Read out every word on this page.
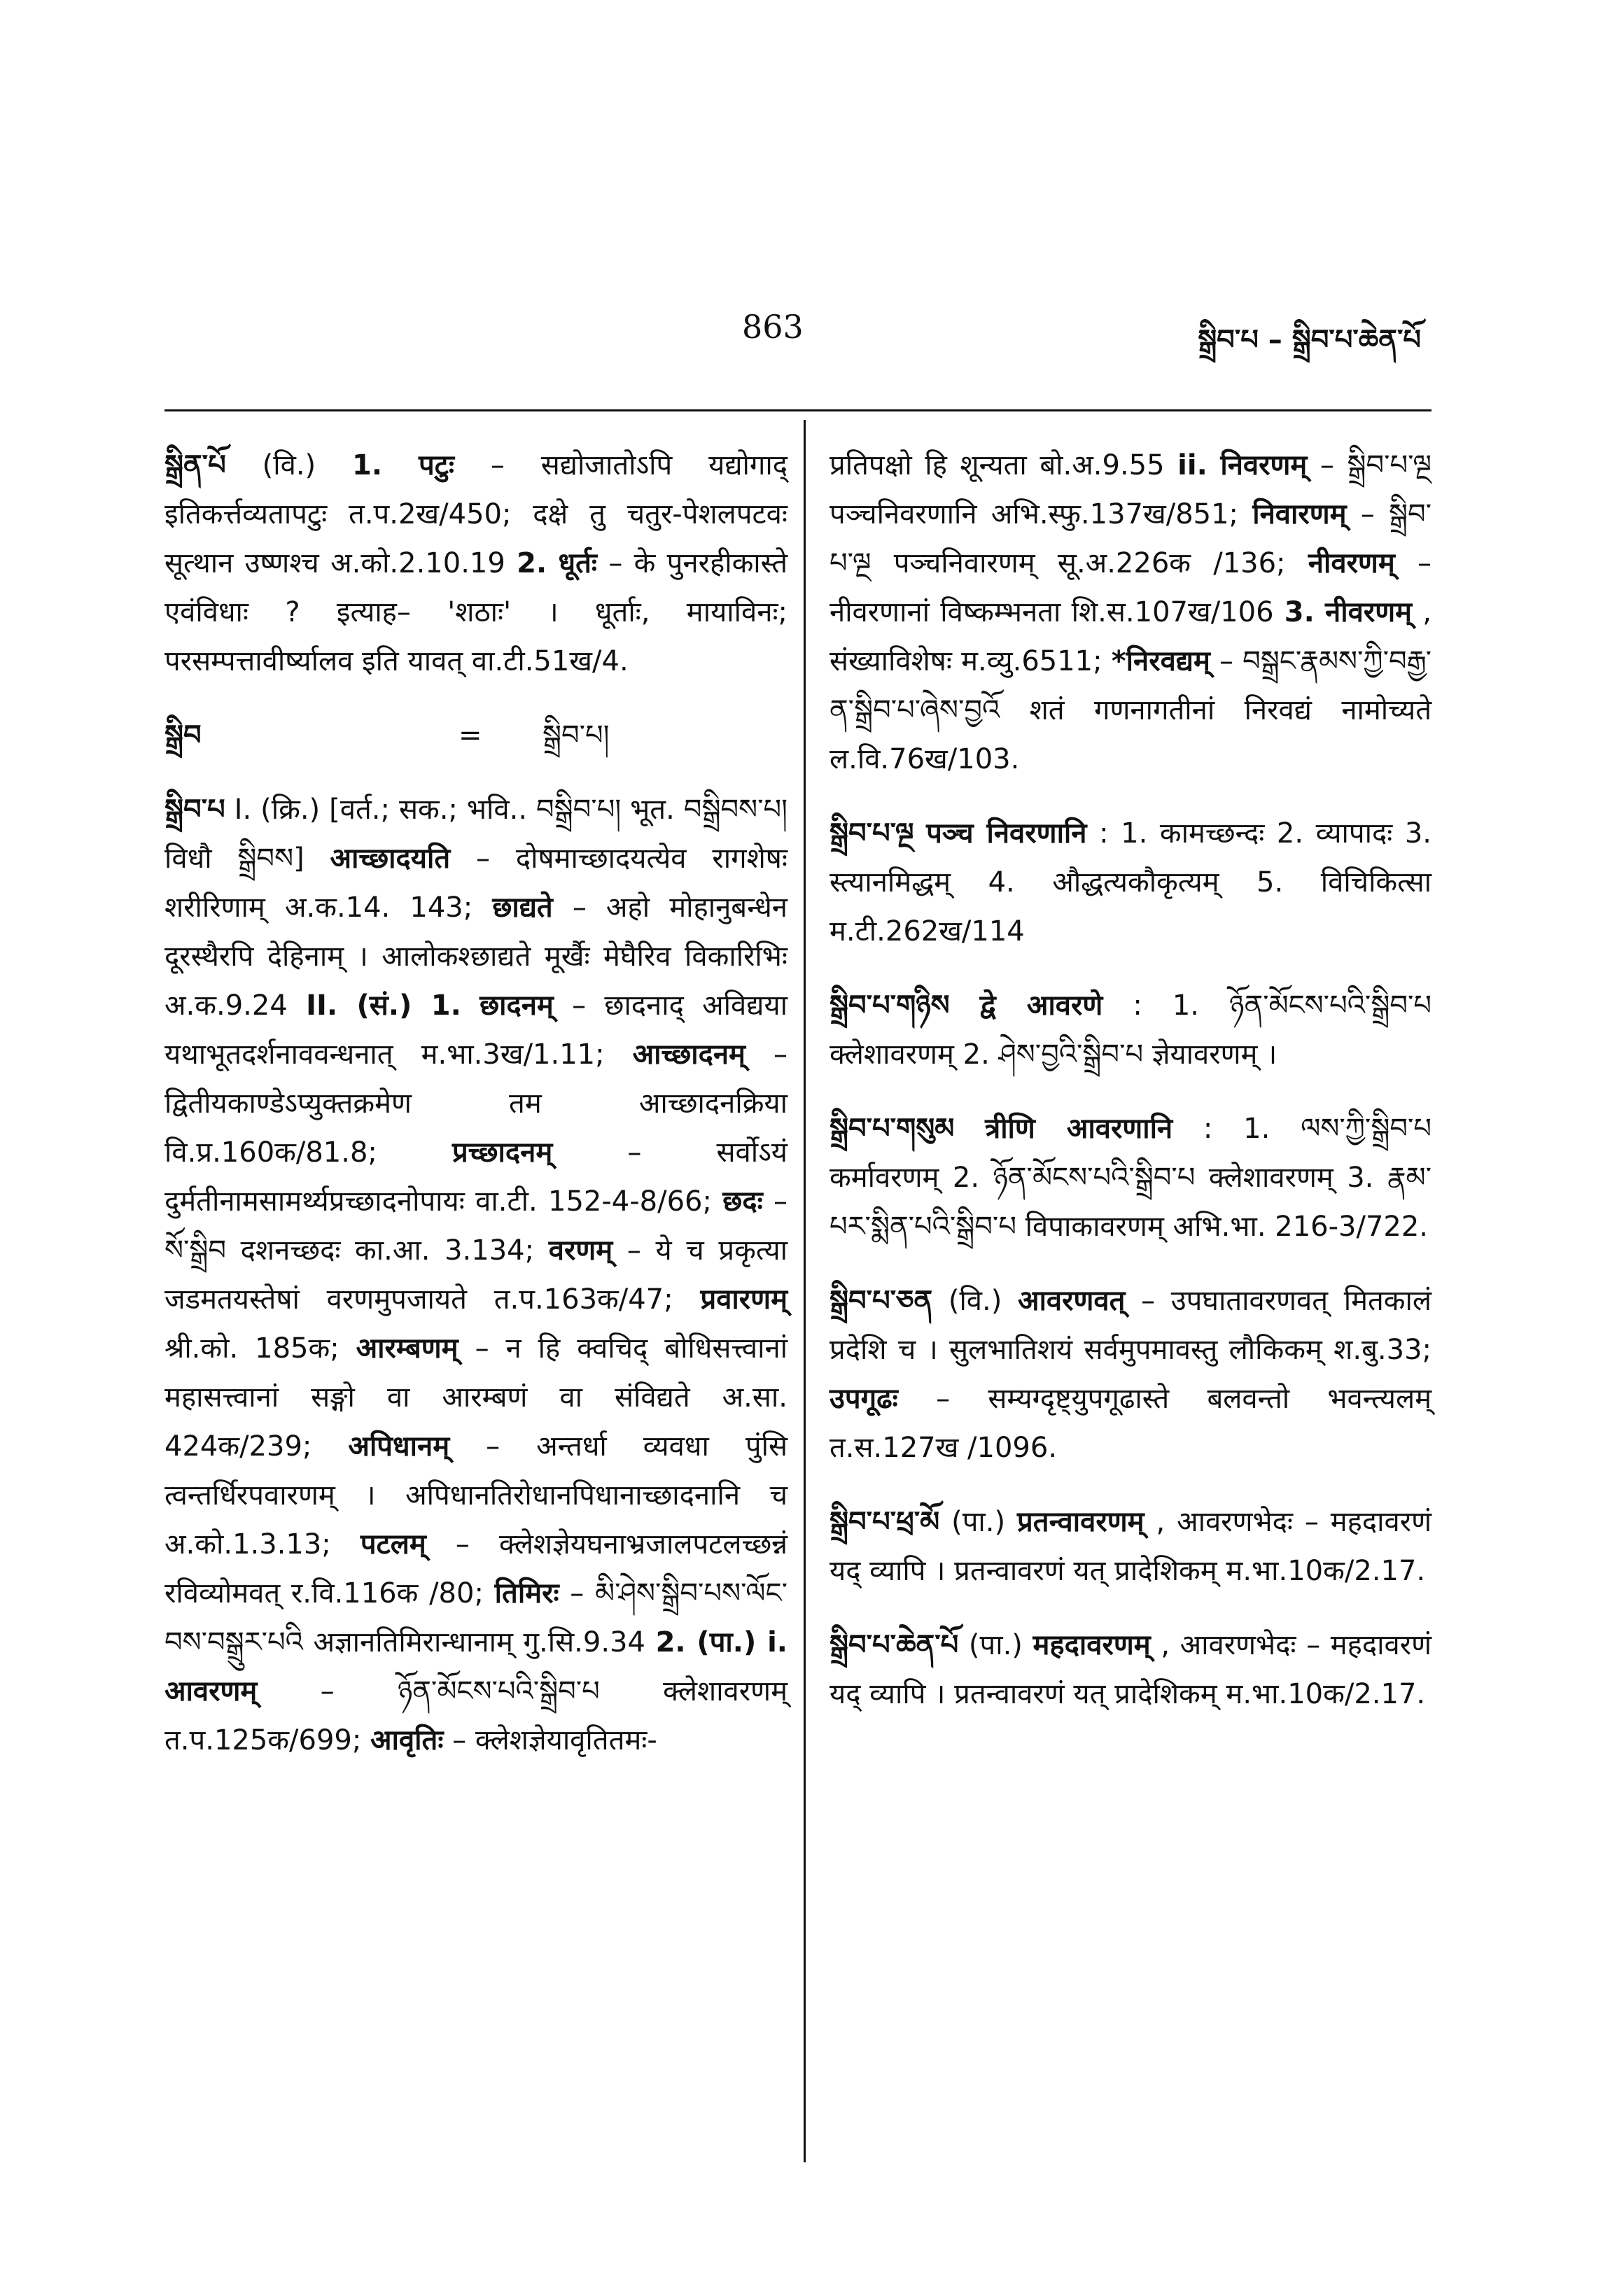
863	སྒྲིབ་པ – སྒྲིབ་པ་ཆེན་པོ

སྒྲིན་པོ (वि.) 1. पटुः – सद्योजातोऽपि यद्योगाद् इतिकर्त्तव्यतापटुः त.प.2ख/450; दक्षे तु चतुर-पेशलपटवः सूत्थान उष्णश्च अ.को.2.10.19 2. धूर्तः – के पुनरहीकास्ते एवंविधाः ? इत्याह– 'शठाः' । धूर्ताः, मायाविनः; परसम्पत्तावीर्ष्यालव इति यावत् वा.टी.51ख/4.

སྒྲིབ	=	སྒྲིབ་པ།

སྒྲིབ་པ I. (क्रि.) [वर्त.; सक.; भवि.. བསྒྲིབ་པ། भूत. བསྒྲིབས་པ། विधौ སྒྲིབས] आच्छादयति – दोषमाच्छादयत्येव रागशेषः शरीरिणाम् अ.क.14. 143; छाद्यते – अहो मोहानुबन्धेन दूरस्थैरपि देहिनाम् । आलोकश्छाद्यते मूर्खैः मेघैरिव विकारिभिः अ.क.9.24 II. (सं.) 1. छादनम् – छादनाद् अविद्यया यथाभूतदर्शनाववन्धनात् म.भा.3ख/1.11; आच्छादनम् – द्वितीयकाण्डेऽप्युक्तक्रमेण तम आच्छादनक्रिया वि.प्र.160क/81.8;	प्रच्छादनम्	– सर्वोऽयं दुर्मतीनामसामर्थ्यप्रच्छादनोपायः वा.टी. 152-4-8/66; छदः – སོ་སྒྲིབ दशनच्छदः का.आ. 3.134; वरणम् – ये च प्रकृत्या जडमतयस्तेषां वरणमुपजायते त.प.163क/47; प्रवारणम् श्री.को. 185क; आरम्बणम् – न हि क्वचिद् बोधिसत्त्वानां महासत्त्वानां सङ्गो वा आरम्बणं वा संविद्यते अ.सा. 424क/239; अपिधानम् – अन्तर्धा व्यवधा पुंसि त्वन्तर्धिरपवारणम् । अपिधानतिरोधानपिधानाच्छादनानि च अ.को.1.3.13; पटलम् – क्लेशज्ञेयघनाभ्रजालपटलच्छन्नं रविव्योमवत् र.वि.116क /80; तिमिरः – མི་ཤེས་སྒྲིབ་པས་ལོང་བས་བསྒྲུར་པའི अज्ञानतिमिरान्धानाम् गु.सि.9.34 2. (पा.) i. आवरणम् – ཉོན་མོངས་པའི་སྒྲིབ་པ क्लेशावरणम् त.प.125क/699; आवृतिः – क्लेशज्ञेयावृतितमः-

प्रतिपक्षो हि शून्यता बो.अ.9.55 ii. निवरणम् – སྒྲིབ་པ་ལྔ पञ्चनिवरणानि अभि.स्फु.137ख/851; निवारणम् – སྒྲིབ་པ་ལྔ पञ्चनिवारणम् सू.अ.226क /136; नीवरणम् – नीवरणानां विष्कम्भनता शि.स.107ख/106 3. नीवरणम् , संख्याविशेषः म.व्यु.6511; *निरवद्यम् – བསྒྲང་རྣམས་ཀྱི་བརྒྱ་ན་སྒྲིབ་པ་ཞེས་བྱའོ शतं गणनागतीनां निरवद्यं नामोच्यते ल.वि.76ख/103.

སྒྲིབ་པ་ལྔ पञ्च निवरणानि : 1. कामच्छन्दः 2. व्यापादः 3. स्त्यानमिद्धम् 4. औद्धत्यकौकृत्यम् 5. विचिकित्सा म.टी.262ख/114

སྒྲིབ་པ་གཉིས द्वे आवरणे : 1. ཉོན་མོངས་པའི་སྒྲིབ་པ क्लेशावरणम् 2. ཤེས་བྱའི་སྒྲིབ་པ ज्ञेयावरणम् ।

སྒྲིབ་པ་གསུམ त्रीणि आवरणानि : 1. ལས་ཀྱི་སྒྲིབ་པ कर्मावरणम् 2. ཉོན་མོངས་པའི་སྒྲིབ་པ क्लेशावरणम् 3. རྣམ་པར་སྨིན་པའི་སྒྲིབ་པ विपाकावरणम् अभि.भा. 216-3/722.

སྒྲིབ་པ་ཅན (वि.) आवरणवत् – उपघातावरणवत् मितकालं प्रदेशि च । सुलभातिशयं सर्वमुपमावस्तु लौकिकम् श.बु.33; उपगूढः – सम्यग्दृष्ट्युपगूढास्ते बलवन्तो भवन्त्यलम् त.स.127ख /1096.

སྒྲིབ་པ་ཕྲ་མོ (पा.) प्रतन्वावरणम् , आवरणभेदः – महदावरणं यद् व्यापि । प्रतन्वावरणं यत् प्रादेशिकम् म.भा.10क/2.17.

སྒྲིབ་པ་ཆེན་པོ (पा.) महदावरणम् , आवरणभेदः – महदावरणं यद् व्यापि । प्रतन्वावरणं यत् प्रादेशिकम् म.भा.10क/2.17.
